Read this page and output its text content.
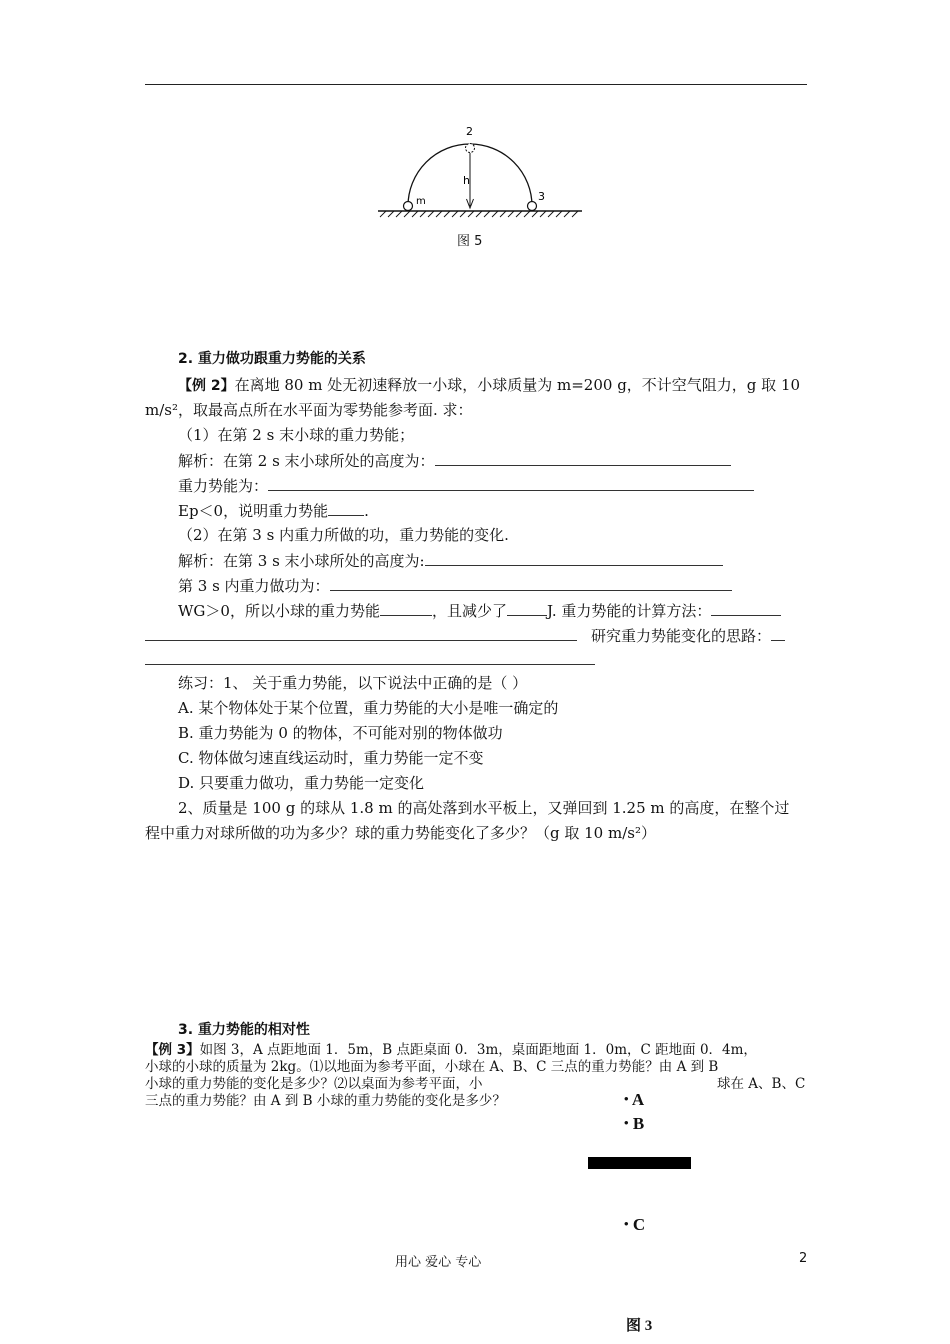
2
h
m	3
图 5
2. 重力做功跟重力势能的关系
【例 2】在离地 80 m 处无初速释放一小球，小球质量为 m=200 g，不计空气阻力，g 取 10
m/s²，取最高点所在水平面为零势能参考面. 求：
（1）在第 2 s 末小球的重力势能；
解析：在第 2 s 末小球所处的高度为：
重力势能为：
Ep＜0，说明重力势能 .
（2）在第 3 s 内重力所做的功，重力势能的变化.
解析：在第 3 s 末小球所处的高度为:
第 3 s 内重力做功为：
WG＞0，所以小球的重力势能	，且减少了	J. 重力势能的计算方法：
研究重力势能变化的思路：
练习：1、 关于重力势能，以下说法中正确的是（ ）
A. 某个物体处于某个位置，重力势能的大小是唯一确定的
B. 重力势能为 0 的物体，不可能对别的物体做功
C. 物体做匀速直线运动时，重力势能一定不变
D. 只要重力做功，重力势能一定变化
2、质量是 100 g 的球从 1.8 m 的高处落到水平板上，又弹回到 1.25 m 的高度，在整个过
程中重力对球所做的功为多少？球的重力势能变化了多少？（g 取 10 m/s²）
3. 重力势能的相对性
【例 3】如图 3，A 点距地面 1．5m，B 点距桌面 0．3m，桌面距地面 1．0m，C 距地面 0．4m，
小球的小球的质量为 2kg。⑴以地面为参考平面，小球在 A、B、C 三点的重力势能？由 A 到 B
小球的重力势能的变化是多少？⑵以桌面为参考平面，小	球在 A、B、C
三点的重力势能？由 A 到 B 小球的重力势能的变化是多少？	• A
• B
• C
图 3
用心 爱心 专心	2
